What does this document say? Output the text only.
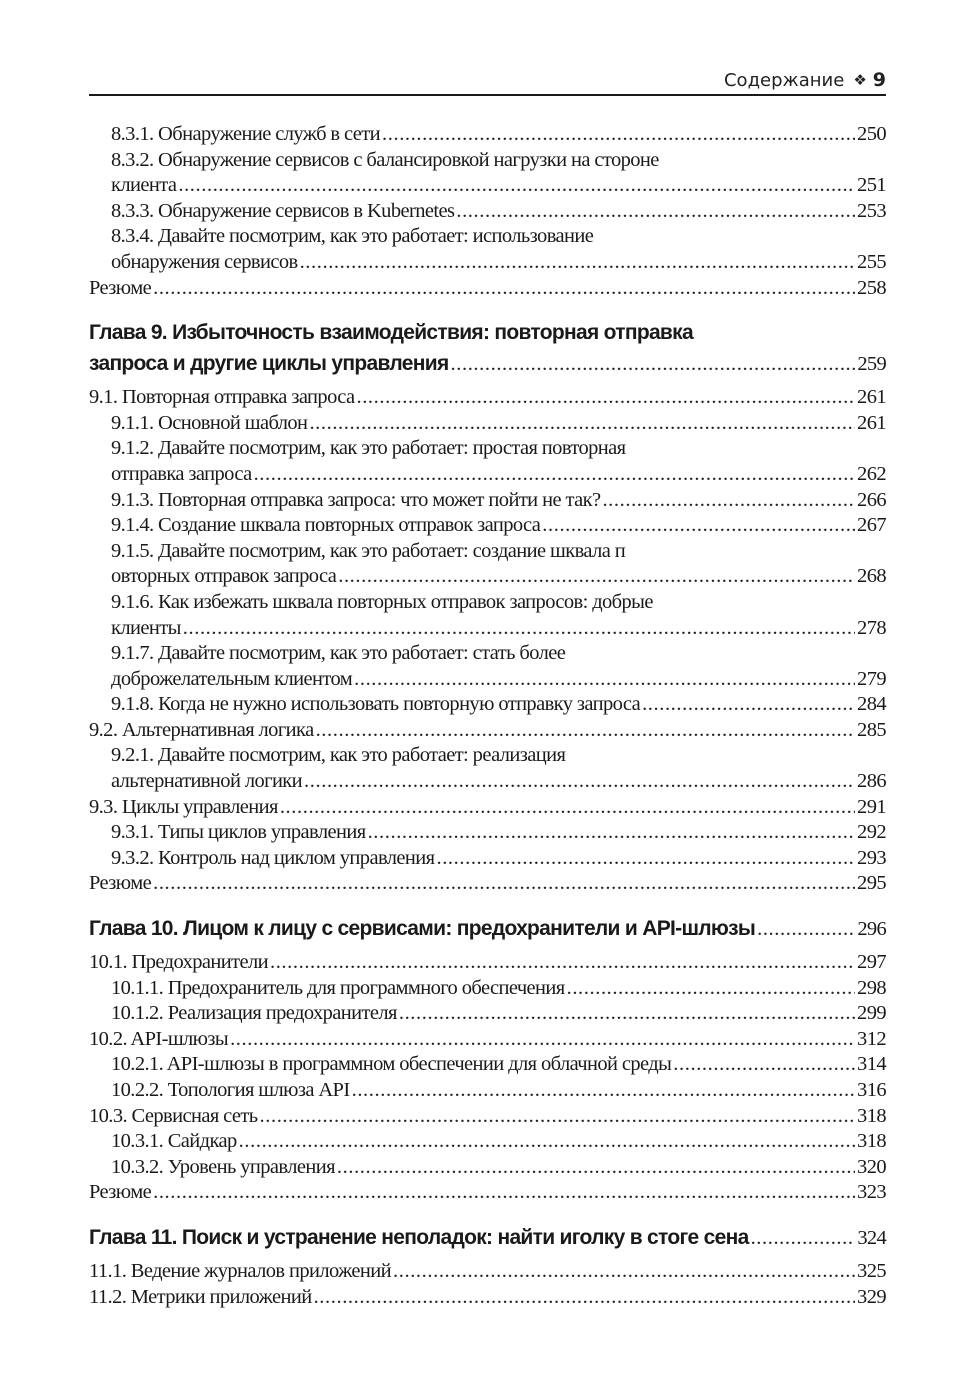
Содержание ❖ 9
8.3.1. Обнаружение служб в сети .....	250
8.3.2. Обнаружение сервисов с балансировкой нагрузки на стороне
клиента .....	251
8.3.3. Обнаружение сервисов в Kubernetes .....	253
8.3.4. Давайте посмотрим, как это работает: использование
обнаружения сервисов .....	255
Резюме .....	258
Глава 9. Избыточность взаимодействия: повторная отправка
запроса и другие циклы управления .....	259
9.1. Повторная отправка запроса .....	261
9.1.1. Основной шаблон .....	261
9.1.2. Давайте посмотрим, как это работает: простая повторная
отправка запроса .....	262
9.1.3. Повторная отправка запроса: что может пойти не так? .....	266
9.1.4. Создание шквала повторных отправок запроса .....	267
9.1.5. Давайте посмотрим, как это работает: создание шквала п
овторных отправок запроса .....	268
9.1.6. Как избежать шквала повторных отправок запросов: добрые
клиенты .....	278
9.1.7. Давайте посмотрим, как это работает: стать более
доброжелательным клиентом .....	279
9.1.8. Когда не нужно использовать повторную отправку запроса .....	284
9.2. Альтернативная логика .....	285
9.2.1. Давайте посмотрим, как это работает: реализация
альтернативной логики .....	286
9.3. Циклы управления .....	291
9.3.1. Типы циклов управления .....	292
9.3.2. Контроль над циклом управления .....	293
Резюме .....	295
Глава 10. Лицом к лицу с сервисами: предохранители и API-шлюзы .....	296
10.1. Предохранители .....	297
10.1.1. Предохранитель для программного обеспечения .....	298
10.1.2. Реализация предохранителя .....	299
10.2. API-шлюзы .....	312
10.2.1. API-шлюзы в программном обеспечении для облачной среды .....	314
10.2.2. Топология шлюза API .....	316
10.3. Сервисная сеть .....	318
10.3.1. Сайдкар .....	318
10.3.2. Уровень управления .....	320
Резюме .....	323
Глава 11. Поиск и устранение неполадок: найти иголку в стоге сена .....	324
11.1. Ведение журналов приложений .....	325
11.2. Метрики приложений .....	329
